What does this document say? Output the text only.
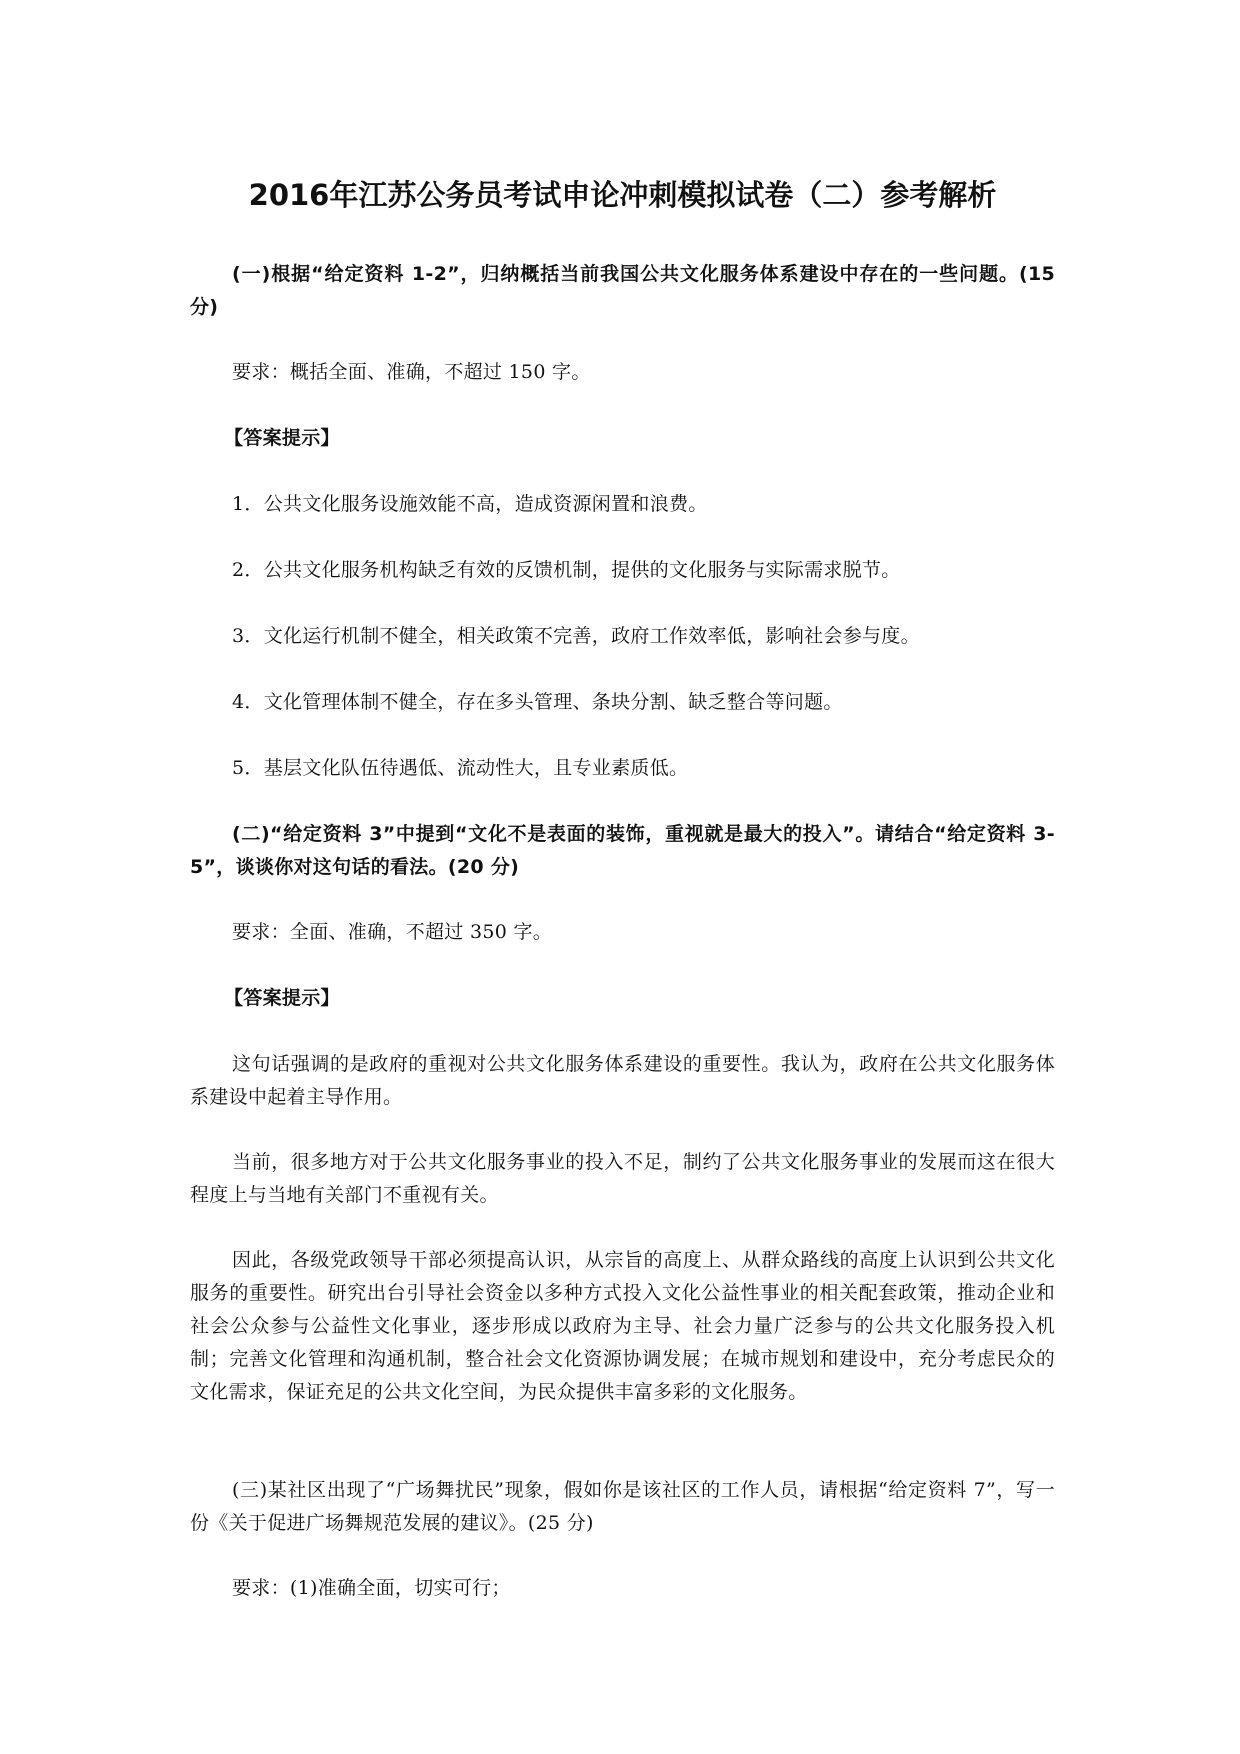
2016年江苏公务员考试申论冲刺模拟试卷（二）参考解析

(一)根据“给定资料 1-2”，归纳概括当前我国公共文化服务体系建设中存在的一些问题。(15 分)

要求：概括全面、准确，不超过 150 字。

【答案提示】

1．公共文化服务设施效能不高，造成资源闲置和浪费。

2．公共文化服务机构缺乏有效的反馈机制，提供的文化服务与实际需求脱节。

3．文化运行机制不健全，相关政策不完善，政府工作效率低，影响社会参与度。

4．文化管理体制不健全，存在多头管理、条块分割、缺乏整合等问题。

5．基层文化队伍待遇低、流动性大，且专业素质低。

(二)“给定资料 3”中提到“文化不是表面的装饰，重视就是最大的投入”。请结合“给定资料 3-5”，谈谈你对这句话的看法。(20 分)

要求：全面、准确，不超过 350 字。

【答案提示】

这句话强调的是政府的重视对公共文化服务体系建设的重要性。我认为，政府在公共文化服务体系建设中起着主导作用。

当前，很多地方对于公共文化服务事业的投入不足，制约了公共文化服务事业的发展而这在很大程度上与当地有关部门不重视有关。

因此，各级党政领导干部必须提高认识，从宗旨的高度上、从群众路线的高度上认识到公共文化服务的重要性。研究出台引导社会资金以多种方式投入文化公益性事业的相关配套政策，推动企业和社会公众参与公益性文化事业，逐步形成以政府为主导、社会力量广泛参与的公共文化服务投入机制；完善文化管理和沟通机制，整合社会文化资源协调发展；在城市规划和建设中，充分考虑民众的文化需求，保证充足的公共文化空间，为民众提供丰富多彩的文化服务。

(三)某社区出现了“广场舞扰民”现象，假如你是该社区的工作人员，请根据“给定资料 7”，写一份《关于促进广场舞规范发展的建议》。(25 分)

要求：(1)准确全面，切实可行；
